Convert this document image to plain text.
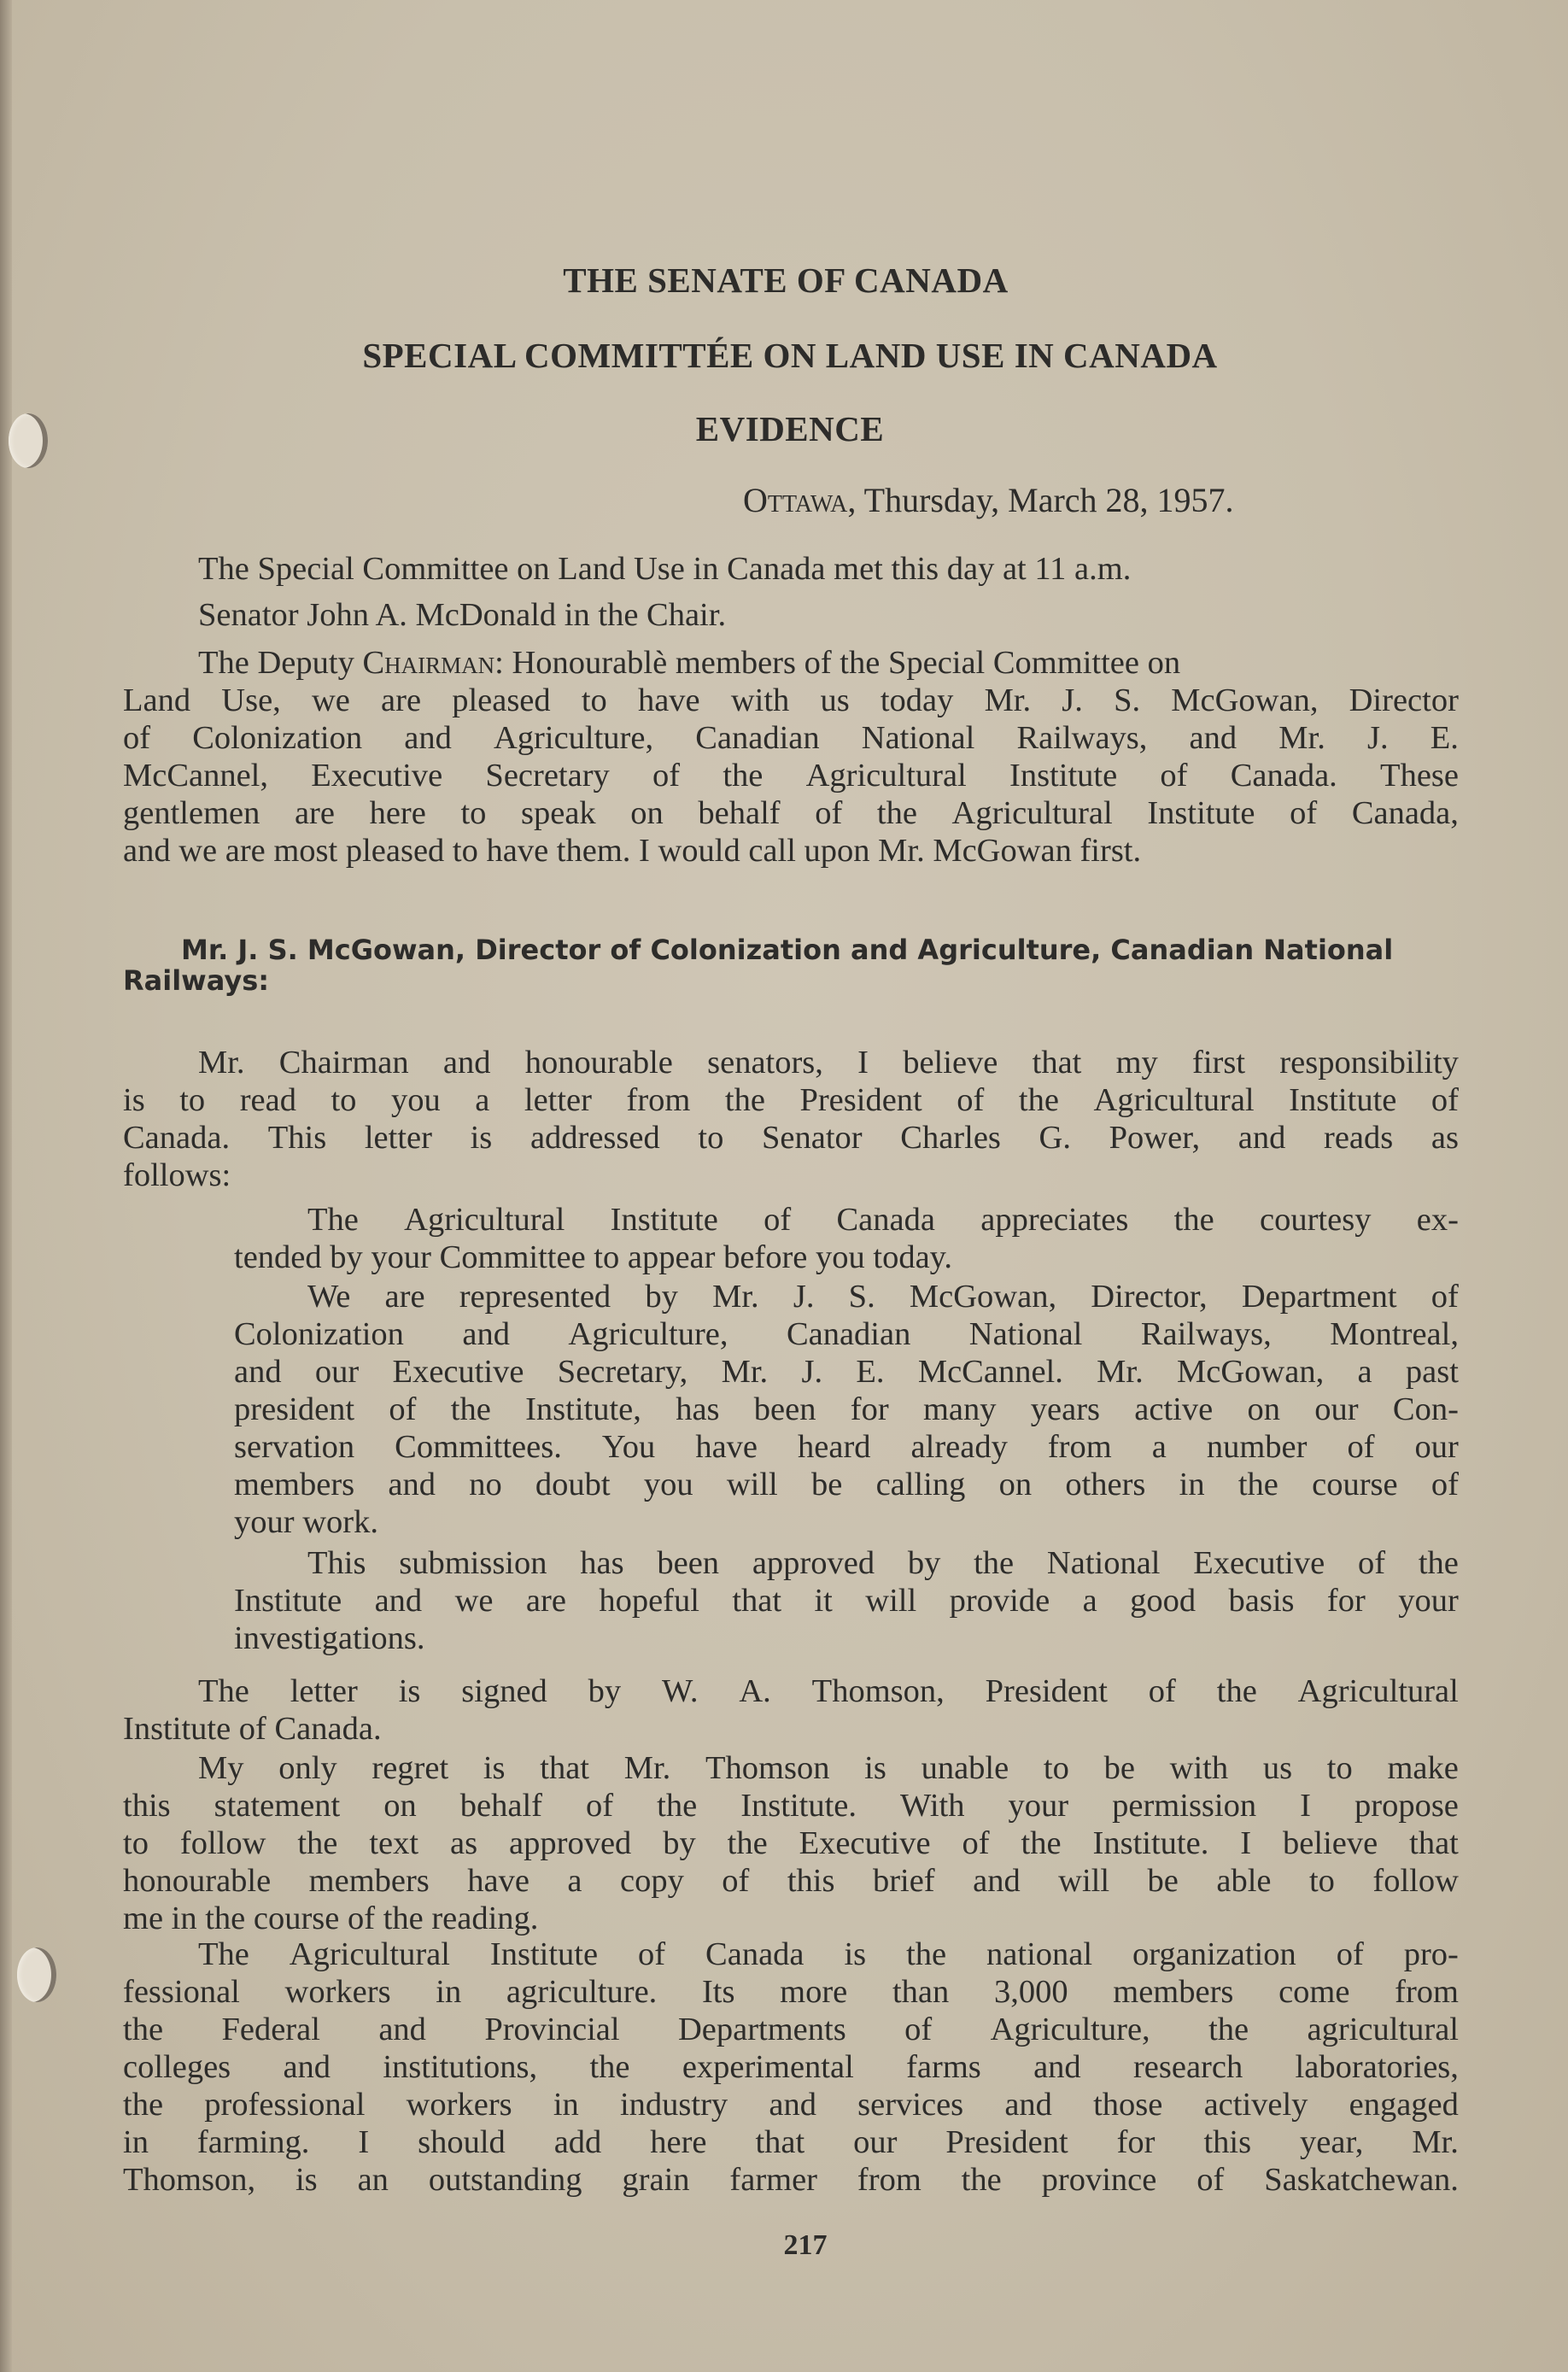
THE SENATE OF CANADA
SPECIAL COMMITTÉE ON LAND USE IN CANADA
EVIDENCE
Ottawa, Thursday, March 28, 1957.
The Special Committee on Land Use in Canada met this day at 11 a.m.
Senator John A. McDonald in the Chair.
The Deputy Chairman: Honourablè members of the Special Committee on
Land Use, we are pleased to have with us today Mr. J. S. McGowan, Director
of Colonization and Agriculture, Canadian National Railways, and Mr. J. E.
McCannel, Executive Secretary of the Agricultural Institute of Canada. These
gentlemen are here to speak on behalf of the Agricultural Institute of Canada,
and we are most pleased to have them. I would call upon Mr. McGowan first.
Mr. J. S. McGowan, Director of Colonization and Agriculture, Canadian National
Railways:
Mr. Chairman and honourable senators, I believe that my first responsibility
is to read to you a letter from the President of the Agricultural Institute of
Canada. This letter is addressed to Senator Charles G. Power, and reads as
follows:
The Agricultural Institute of Canada appreciates the courtesy ex-
tended by your Committee to appear before you today.
We are represented by Mr. J. S. McGowan, Director, Department of
Colonization and Agriculture, Canadian National Railways, Montreal,
and our Executive Secretary, Mr. J. E. McCannel. Mr. McGowan, a past
president of the Institute, has been for many years active on our Con-
servation Committees. You have heard already from a number of our
members and no doubt you will be calling on others in the course of
your work.
This submission has been approved by the National Executive of the
Institute and we are hopeful that it will provide a good basis for your
investigations.
The letter is signed by W. A. Thomson, President of the Agricultural
Institute of Canada.
My only regret is that Mr. Thomson is unable to be with us to make
this statement on behalf of the Institute. With your permission I propose
to follow the text as approved by the Executive of the Institute. I believe that
honourable members have a copy of this brief and will be able to follow
me in the course of the reading.
The Agricultural Institute of Canada is the national organization of pro-
fessional workers in agriculture. Its more than 3,000 members come from
the Federal and Provincial Departments of Agriculture, the agricultural
colleges and institutions, the experimental farms and research laboratories,
the professional workers in industry and services and those actively engaged
in farming. I should add here that our President for this year, Mr.
Thomson, is an outstanding grain farmer from the province of Saskatchewan.
217
